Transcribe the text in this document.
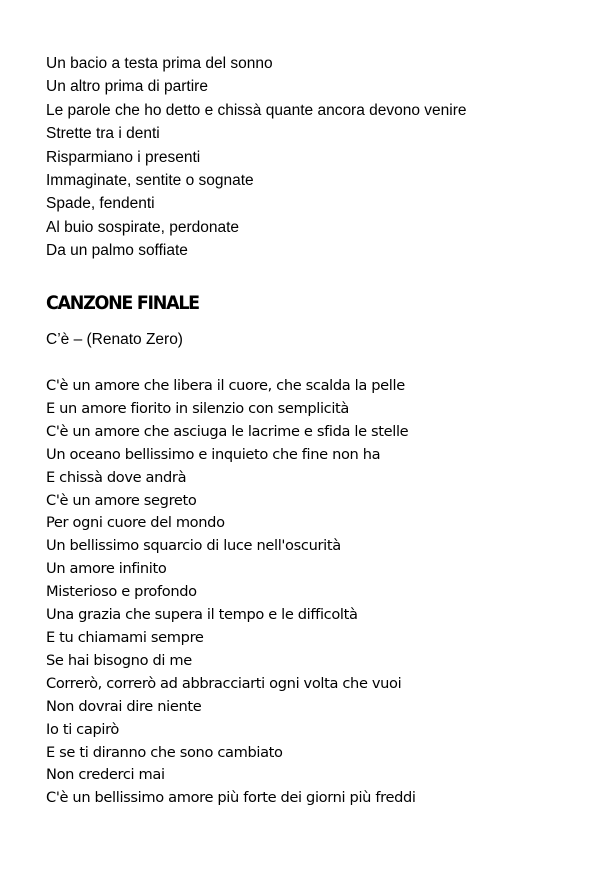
Un bacio a testa prima del sonno
Un altro prima di partire
Le parole che ho detto e chissà quante ancora devono venire
Strette tra i denti
Risparmiano i presenti
Immaginate, sentite o sognate
Spade, fendenti
Al buio sospirate, perdonate
Da un palmo soffiate
CANZONE FINALE
C’è – (Renato Zero)
C'è un amore che libera il cuore, che scalda la pelle
E un amore fiorito in silenzio con semplicità
C'è un amore che asciuga le lacrime e sfida le stelle
Un oceano bellissimo e inquieto che fine non ha
E chissà dove andrà
C'è un amore segreto
Per ogni cuore del mondo
Un bellissimo squarcio di luce nell'oscurità
Un amore infinito
Misterioso e profondo
Una grazia che supera il tempo e le difficoltà
E tu chiamami sempre
Se hai bisogno di me
Correrò, correrò ad abbracciarti ogni volta che vuoi
Non dovrai dire niente
Io ti capirò
E se ti diranno che sono cambiato
Non crederci mai
C'è un bellissimo amore più forte dei giorni più freddi
